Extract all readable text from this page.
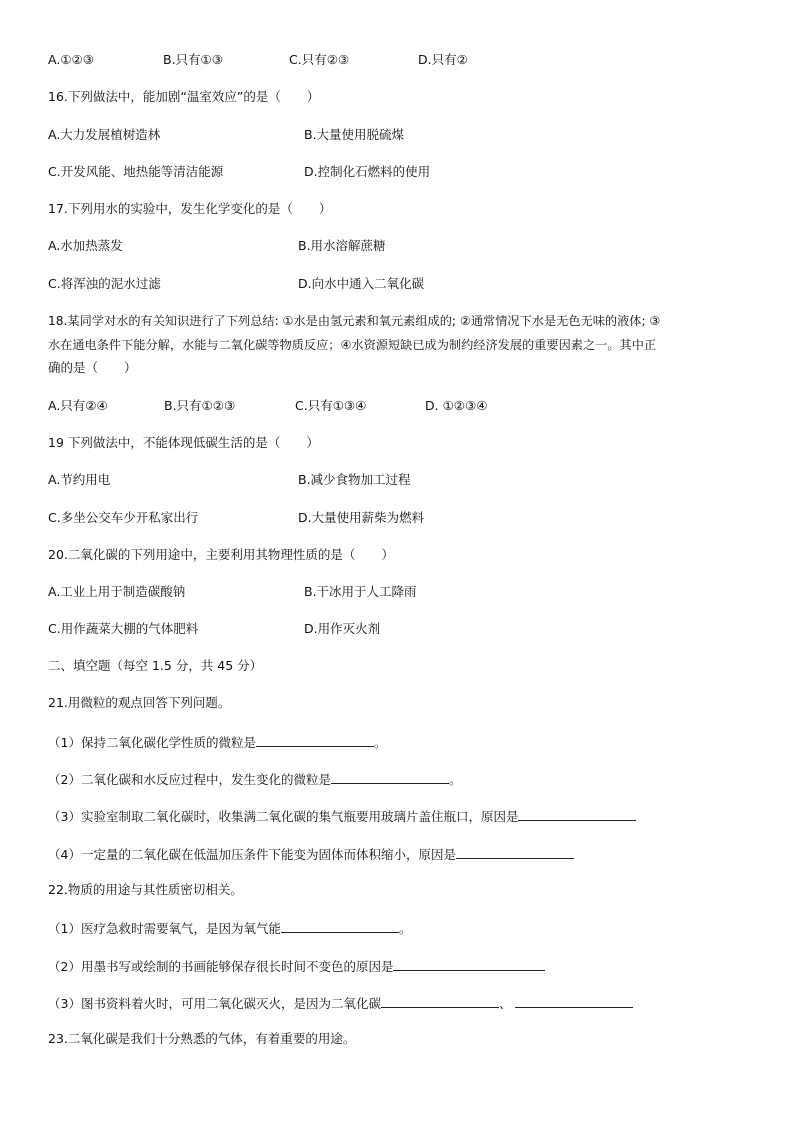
A.①②③	B.只有①③	C.只有②③	D.只有②
16.下列做法中，能加剧“温室效应”的是（ ）
A.大力发展植树造林	B.大量使用脱硫煤
C.开发风能、地热能等清洁能源	D.控制化石燃料的使用
17.下列用水的实验中，发生化学变化的是（ ）
A.水加热蒸发	B.用水溶解蔗糖
C.将浑浊的泥水过滤	D.向水中通入二氧化碳
18.某同学对水的有关知识进行了下列总结: ①水是由氢元素和氧元素组成的; ②通常情况下水是无色无味的液体; ③
水在通电条件下能分解，水能与二氧化碳等物质反应；④水资源短缺已成为制约经济发展的重要因素之一。其中正
确的是（ ）
A.只有②④	B.只有①②③	C.只有①③④	D. ①②③④
19 下列做法中，不能体现低碳生活的是（ ）
A.节约用电	B.减少食物加工过程
C.多坐公交车少开私家出行	D.大量使用薪柴为燃料
20.二氧化碳的下列用途中，主要利用其物理性质的是（ ）
A.工业上用于制造碳酸钠	B.干冰用于人工降雨
C.用作蔬菜大棚的气体肥料	D.用作灭火剂
二、填空题（每空 1.5 分，共 45 分）
21.用微粒的观点回答下列问题。
（1）保持二氧化碳化学性质的微粒是	。
（2）二氧化碳和水反应过程中，发生变化的微粒是	。
（3）实验室制取二氧化碳时，收集满二氧化碳的集气瓶要用玻璃片盖住瓶口，原因是
（4）一定量的二氧化碳在低温加压条件下能变为固体而体积缩小，原因是
22.物质的用途与其性质密切相关。
（1）医疗急救时需要氧气，是因为氧气能	。
（2）用墨书写或绘制的书画能够保存很长时间不变色的原因是
（3）图书资料着火时，可用二氧化碳灭火，是因为二氧化碳	、
23.二氧化碳是我们十分熟悉的气体，有着重要的用途。
